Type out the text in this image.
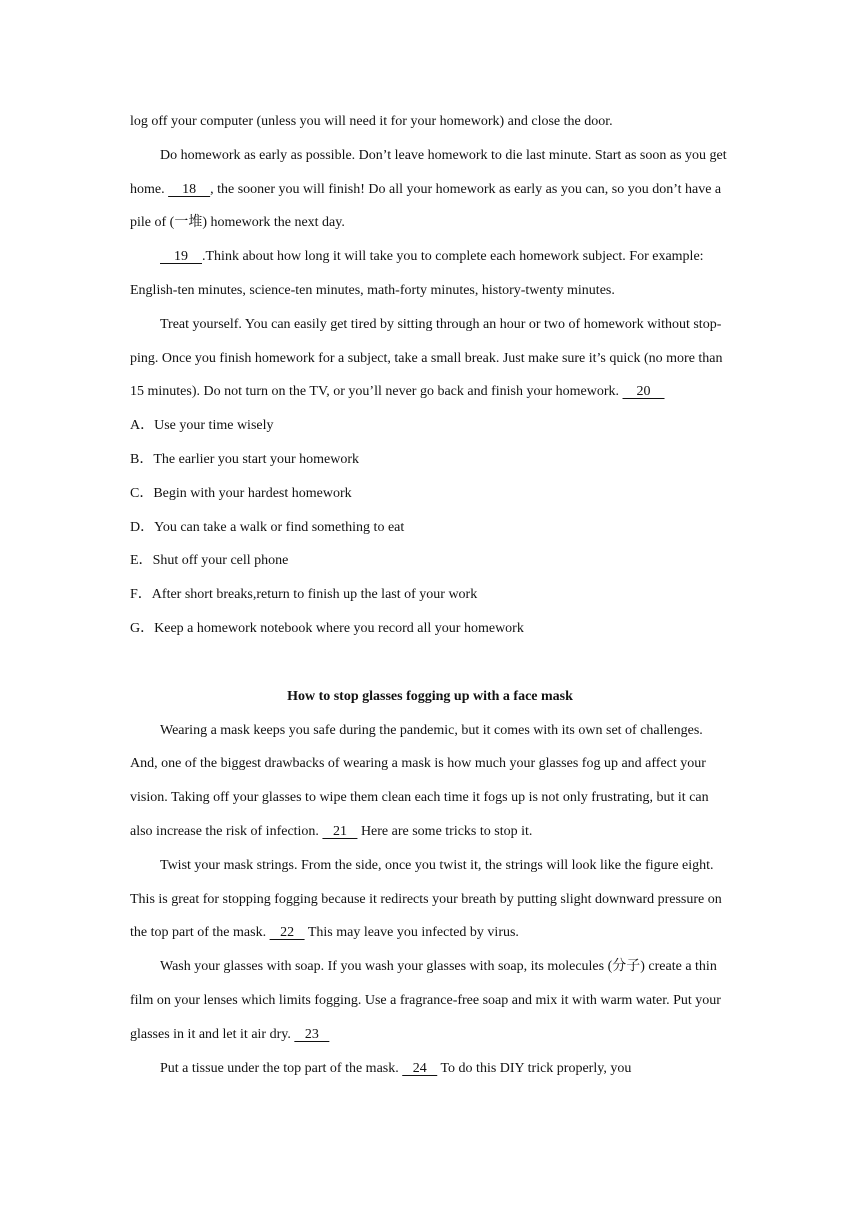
log off your computer (unless you will need it for your homework) and close the door.

Do homework as early as possible. Don’t leave homework to die last minute. Start as soon as you get home.     18    , the sooner you will finish! Do all your homework as early as you can, so you don’t have a pile of (一堆) homework the next day.

19    .Think about how long it will take you to complete each homework subject. For example: English-ten minutes, science-ten minutes, math-forty minutes, history-twenty minutes.

Treat yourself. You can easily get tired by sitting through an hour or two of homework without stop-ping. Once you finish homework for a subject, take a small break. Just make sure it’s quick (no more than 15 minutes). Do not turn on the TV, or you’ll never go back and finish your homework.     20

A．Use your time wisely

B．The earlier you start your homework

C．Begin with your hardest homework

D．You can take a walk or find something to eat

E．Shut off your cell phone

F．After short breaks,return to finish up the last of your work

G．Keep a homework notebook where you record all your homework

How to stop glasses fogging up with a face mask

Wearing a mask keeps you safe during the pandemic, but it comes with its own set of challenges. And, one of the biggest drawbacks of wearing a mask is how much your glasses fog up and affect your vision. Taking off your glasses to wipe them clean each time it fogs up is not only frustrating, but it can also increase the risk of infection.    21    Here are some tricks to stop it.

Twist your mask strings. From the side, once you twist it, the strings will look like the figure eight. This is great for stopping fogging because it redirects your breath by putting slight downward pressure on the top part of the mask.    22    This may leave you infected by virus.

Wash your glasses with soap. If you wash your glasses with soap, its molecules (分子) create a thin film on your lenses which limits fogging. Use a fragrance-free soap and mix it with warm water. Put your glasses in it and let it air dry.    23

Put a tissue under the top part of the mask.    24    To do this DIY trick properly, you
